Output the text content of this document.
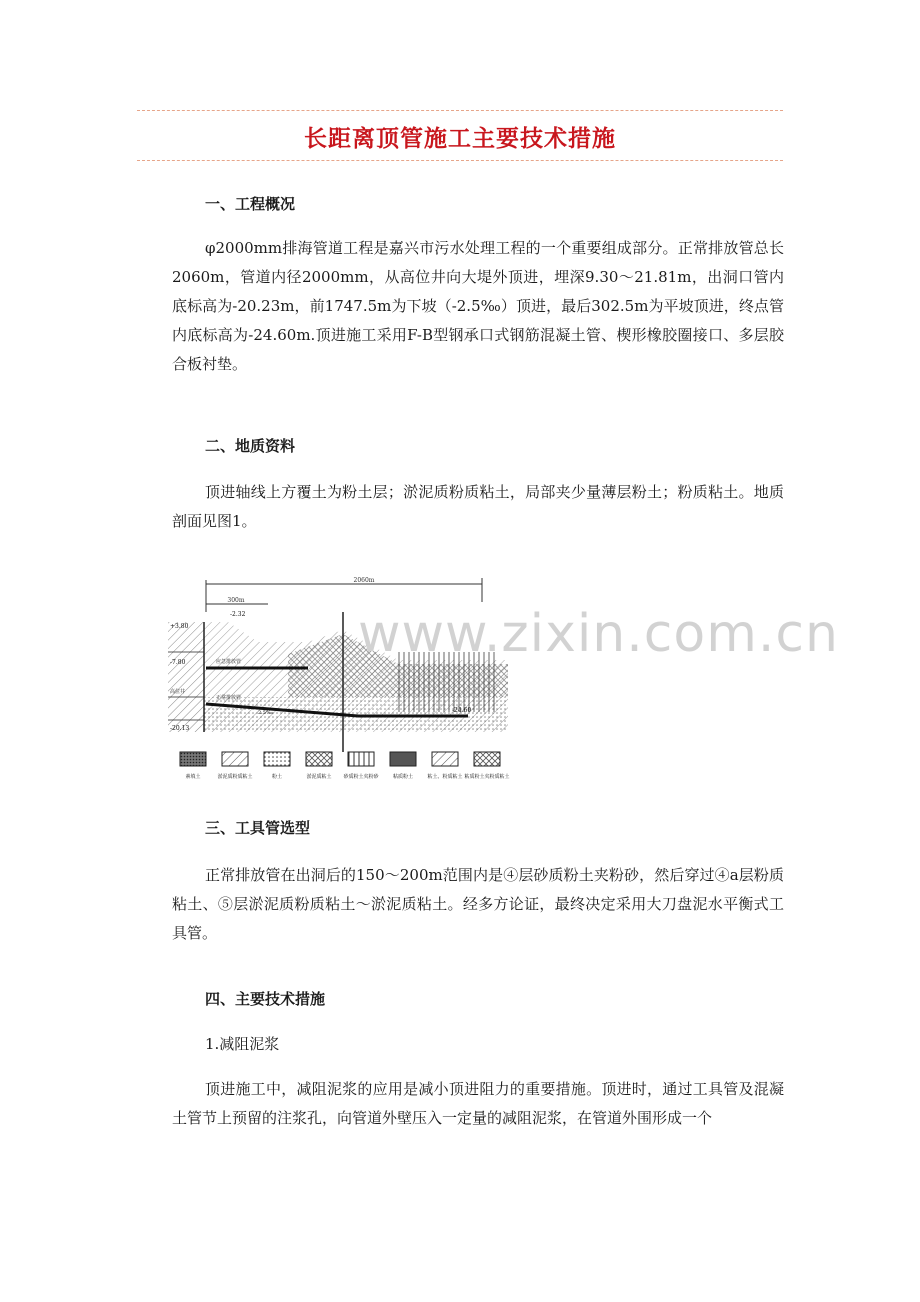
长距离顶管施工主要技术措施
一、工程概况

φ2000mm排海管道工程是嘉兴市污水处理工程的一个重要组成部分。正常排放管总长2060m，管道内径2000mm，从高位井向大堤外顶进，埋深9.30～21.81m，出洞口管内底标高为-20.23m，前1747.5m为下坡（-2.5‰）顶进，最后302.5m为平坡顶进，终点管内底标高为-24.60m.顶进施工采用F-B型钢承口式钢筋混凝土管、楔形橡胶圈接口、多层胶合板衬垫。

二、地质资料

顶进轴线上方覆土为粉土层；淤泥质粉质粘土，局部夹少量薄层粉土；粉质粘土。地质剖面见图1。

2060m
300m
应急排放管
正常排放管
高位井
2.5‰
+3.80
-2.32
-7.80
-20.13
-24.60
素填土	淤泥质粉质粘土	粉土	淤泥质粘土 砂质粉土夹粉砂	粘质粉土	粘土、粉质粘土 粘质粉土夹粉质粘土
www.zixin.com.cn
三、工具管选型

正常排放管在出洞后的150～200m范围内是④层砂质粉土夹粉砂，然后穿过④a层粉质粘土、⑤层淤泥质粉质粘土～淤泥质粘土。经多方论证，最终决定采用大刀盘泥水平衡式工具管。

四、主要技术措施
1.减阻泥浆

顶进施工中，减阻泥浆的应用是减小顶进阻力的重要措施。顶进时，通过工具管及混凝土管节上预留的注浆孔，向管道外壁压入一定量的减阻泥浆，在管道外围形成一个
